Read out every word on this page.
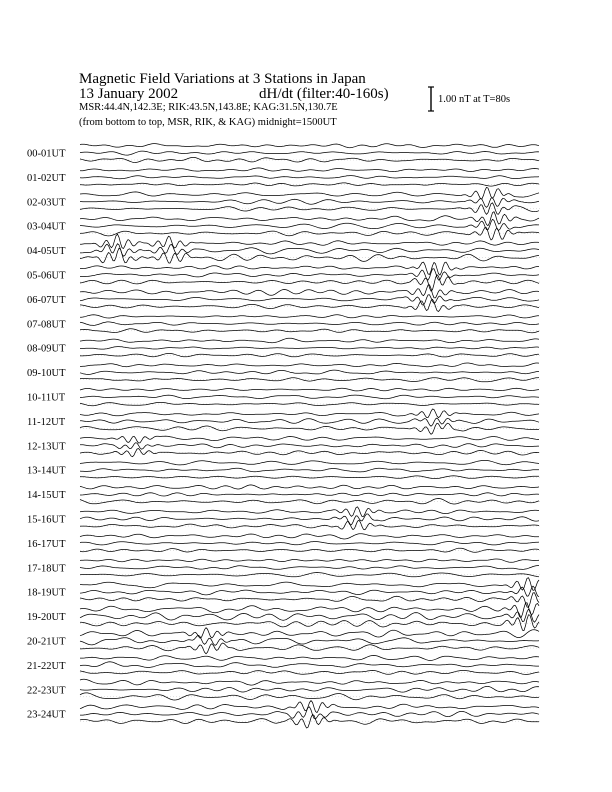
Magnetic Field Variations at 3 Stations in Japan
13 January 2002	dH/dt (filter:40-160s)
MSR:44.4N,142.3E; RIK:43.5N,143.8E; KAG:31.5N,130.7E
(from bottom to top, MSR, RIK, & KAG) midnight=1500UT
1.00 nT at T=80s
00-01UT
01-02UT
02-03UT
03-04UT
04-05UT
05-06UT
06-07UT
07-08UT
08-09UT
09-10UT
10-11UT
11-12UT
12-13UT
13-14UT
14-15UT
15-16UT
16-17UT
17-18UT
18-19UT
19-20UT
20-21UT
21-22UT
22-23UT
23-24UT
